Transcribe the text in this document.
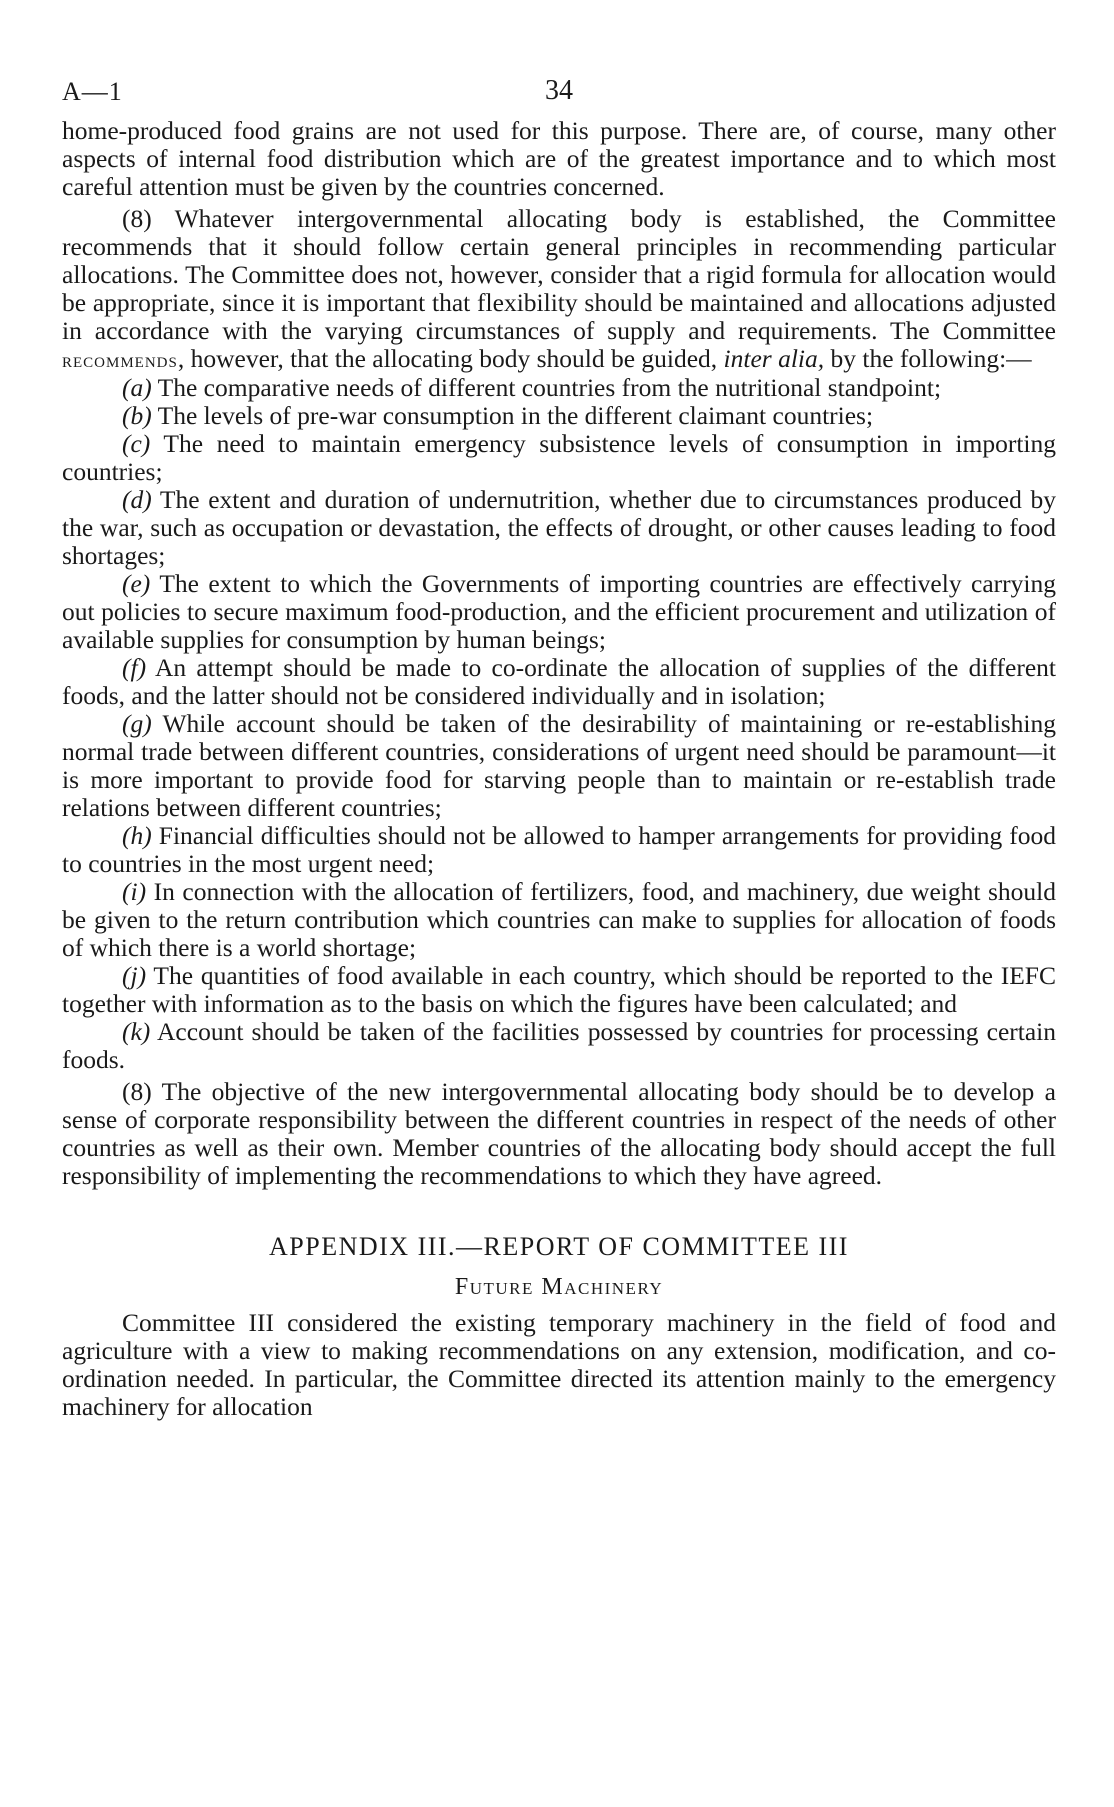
A—1	34

home-produced food grains are not used for this purpose. There are, of course, many other aspects of internal food distribution which are of the greatest importance and to which most careful attention must be given by the countries concerned.

(8) Whatever intergovernmental allocating body is established, the Committee recommends that it should follow certain general principles in recommending particular allocations. The Committee does not, however, consider that a rigid formula for allocation would be appropriate, since it is important that flexibility should be maintained and allocations adjusted in accordance with the varying circumstances of supply and requirements. The Committee recommends, however, that the allocating body should be guided, inter alia, by the following:—

(a) The comparative needs of different countries from the nutritional standpoint;

(b) The levels of pre-war consumption in the different claimant countries;

(c) The need to maintain emergency subsistence levels of consumption in importing countries;

(d) The extent and duration of undernutrition, whether due to circumstances produced by the war, such as occupation or devastation, the effects of drought, or other causes leading to food shortages;

(e) The extent to which the Governments of importing countries are effectively carrying out policies to secure maximum food-production, and the efficient procurement and utilization of available supplies for consumption by human beings;

(f) An attempt should be made to co-ordinate the allocation of supplies of the different foods, and the latter should not be considered individually and in isolation;

(g) While account should be taken of the desirability of maintaining or re-establishing normal trade between different countries, considerations of urgent need should be paramount—it is more important to provide food for starving people than to maintain or re-establish trade relations between different countries;

(h) Financial difficulties should not be allowed to hamper arrangements for providing food to countries in the most urgent need;

(i) In connection with the allocation of fertilizers, food, and machinery, due weight should be given to the return contribution which countries can make to supplies for allocation of foods of which there is a world shortage;

(j) The quantities of food available in each country, which should be reported to the IEFC together with information as to the basis on which the figures have been calculated; and

(k) Account should be taken of the facilities possessed by countries for processing certain foods.

(8) The objective of the new intergovernmental allocating body should be to develop a sense of corporate responsibility between the different countries in respect of the needs of other countries as well as their own. Member countries of the allocating body should accept the full responsibility of implementing the recommendations to which they have agreed.

APPENDIX III.—REPORT OF COMMITTEE III
Future Machinery

Committee III considered the existing temporary machinery in the field of food and agriculture with a view to making recommendations on any extension, modification, and co-ordination needed. In particular, the Committee directed its attention mainly to the emergency machinery for allocation
